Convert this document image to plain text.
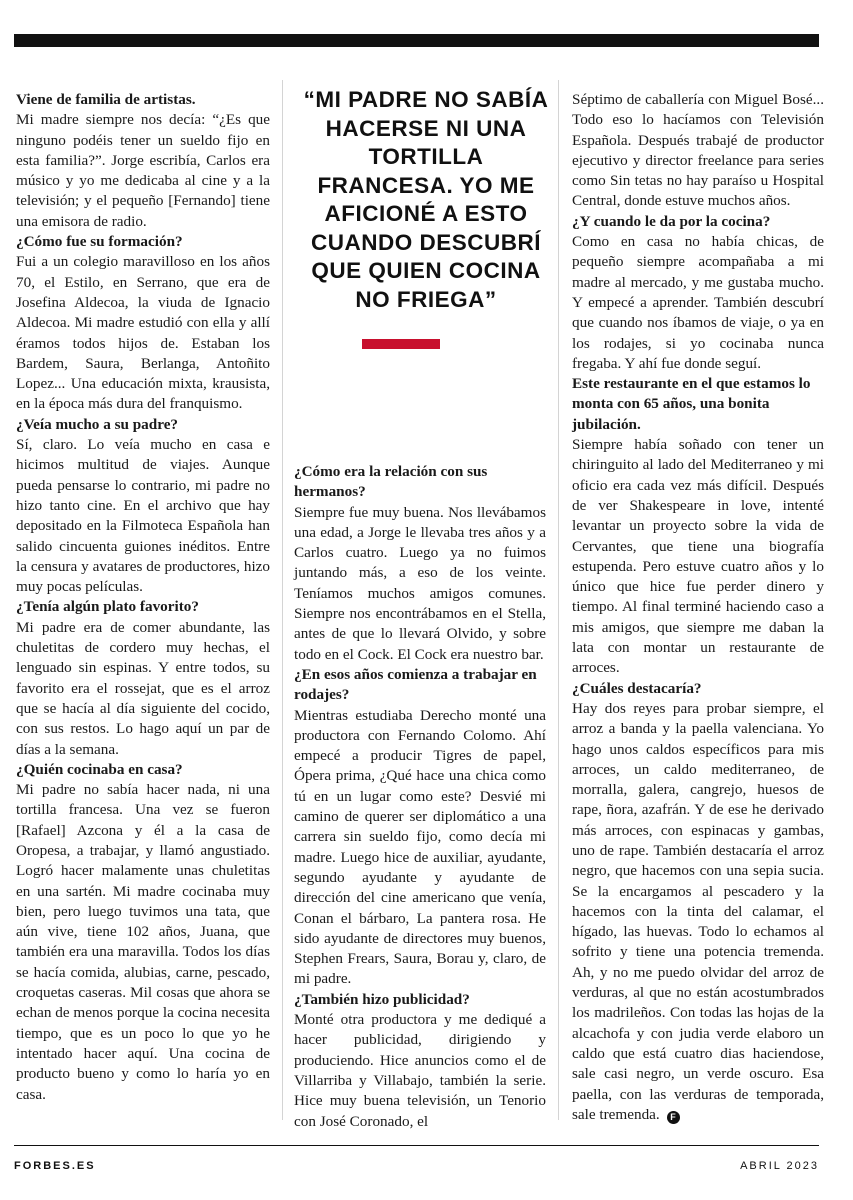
“MI PADRE NO SABÍA HACERSE NI UNA TORTILLA FRANCESA. YO ME AFICIONÉ A ESTO CUANDO DESCUBRÍ QUE QUIEN COCINA NO FRIEGA”

Viene de familia de artistas.

Mi madre siempre nos decía: “¿Es que ninguno podéis tener un sueldo fijo en esta familia?”. Jorge escribía, Carlos era músico y yo me dedicaba al cine y a la televisión; y el pequeño [Fernando] tiene una emisora de radio.

¿Cómo fue su formación?

Fui a un colegio maravilloso en los años 70, el Estilo, en Serrano, que era de Josefina Aldecoa, la viuda de Ignacio Aldecoa. Mi madre estudió con ella y allí éramos todos hijos de. Estaban los Bardem, Saura, Berlanga, Antoñito Lopez... Una educación mixta, krausista, en la época más dura del franquismo.

¿Veía mucho a su padre?

Sí, claro. Lo veía mucho en casa e hicimos multitud de viajes. Aunque pueda pensarse lo contrario, mi padre no hizo tanto cine. En el archivo que hay depositado en la Filmoteca Española han salido cincuenta guiones inéditos. Entre la censura y avatares de productores, hizo muy pocas películas.

¿Tenía algún plato favorito?

Mi padre era de comer abundante, las chuletitas de cordero muy hechas, el lenguado sin espinas. Y entre todos, su favorito era el rossejat, que es el arroz que se hacía al día siguiente del cocido, con sus restos. Lo hago aquí un par de días a la semana.

¿Quién cocinaba en casa?

Mi padre no sabía hacer nada, ni una tortilla francesa. Una vez se fueron [Rafael] Azcona y él a la casa de Oropesa, a trabajar, y llamó angustiado. Logró hacer malamente unas chuletitas en una sartén. Mi madre cocinaba muy bien, pero luego tuvimos una tata, que aún vive, tiene 102 años, Juana, que también era una maravilla. Todos los días se hacía comida, alubias, carne, pescado, croquetas caseras. Mil cosas que ahora se echan de menos porque la cocina necesita tiempo, que es un poco lo que yo he intentado hacer aquí. Una cocina de producto bueno y como lo haría yo en casa.

¿Cómo era la relación con sus hermanos?

Siempre fue muy buena. Nos llevábamos una edad, a Jorge le llevaba tres años y a Carlos cuatro. Luego ya no fuimos juntando más, a eso de los veinte. Teníamos muchos amigos comunes. Siempre nos encontrábamos en el Stella, antes de que lo llevará Olvido, y sobre todo en el Cock. El Cock era nuestro bar.

¿En esos años comienza a trabajar en rodajes?

Mientras estudiaba Derecho monté una productora con Fernando Colomo. Ahí empecé a producir Tigres de papel, Ópera prima, ¿Qué hace una chica como tú en un lugar como este? Desvié mi camino de querer ser diplomático a una carrera sin sueldo fijo, como decía mi madre. Luego hice de auxiliar, ayudante, segundo ayudante y ayudante de dirección del cine americano que venía, Conan el bárbaro, La pantera rosa. He sido ayudante de directores muy buenos, Stephen Frears, Saura, Borau y, claro, de mi padre.

¿También hizo publicidad?

Monté otra productora y me dediqué a hacer publicidad, dirigiendo y produciendo. Hice anuncios como el de Villarriba y Villabajo, también la serie. Hice muy buena televisión, un Tenorio con José Coronado, el

Séptimo de caballería con Miguel Bosé... Todo eso lo hacíamos con Televisión Española. Después trabajé de productor ejecutivo y director freelance para series como Sin tetas no hay paraíso u Hospital Central, donde estuve muchos años.

¿Y cuando le da por la cocina?

Como en casa no había chicas, de pequeño siempre acompañaba a mi madre al mercado, y me gustaba mucho. Y empecé a aprender. También descubrí que cuando nos íbamos de viaje, o ya en los rodajes, si yo cocinaba nunca fregaba. Y ahí fue donde seguí.

Este restaurante en el que estamos lo monta con 65 años, una bonita jubilación.

Siempre había soñado con tener un chiringuito al lado del Mediterraneo y mi oficio era cada vez más difícil. Después de ver Shakespeare in love, intenté levantar un proyecto sobre la vida de Cervantes, que tiene una biografía estupenda. Pero estuve cuatro años y lo único que hice fue perder dinero y tiempo. Al final terminé haciendo caso a mis amigos, que siempre me daban la lata con montar un restaurante de arroces.

¿Cuáles destacaría?

Hay dos reyes para probar siempre, el arroz a banda y la paella valenciana. Yo hago unos caldos específicos para mis arroces, un caldo mediterraneo, de morralla, galera, cangrejo, huesos de rape, ñora, azafrán. Y de ese he derivado más arroces, con espinacas y gambas, uno de rape. También destacaría el arroz negro, que hacemos con una sepia sucia. Se la encargamos al pescadero y la hacemos con la tinta del calamar, el hígado, las huevas. Todo lo echamos al sofrito y tiene una potencia tremenda. Ah, y no me puedo olvidar del arroz de verduras, al que no están acostumbrados los madrileños. Con todas las hojas de la alcachofa y con judia verde elaboro un caldo que está cuatro dias haciendose, sale casi negro, un verde oscuro. Esa paella, con las verduras de temporada, sale tremenda. F

FORBES.ES	ABRIL 2023
